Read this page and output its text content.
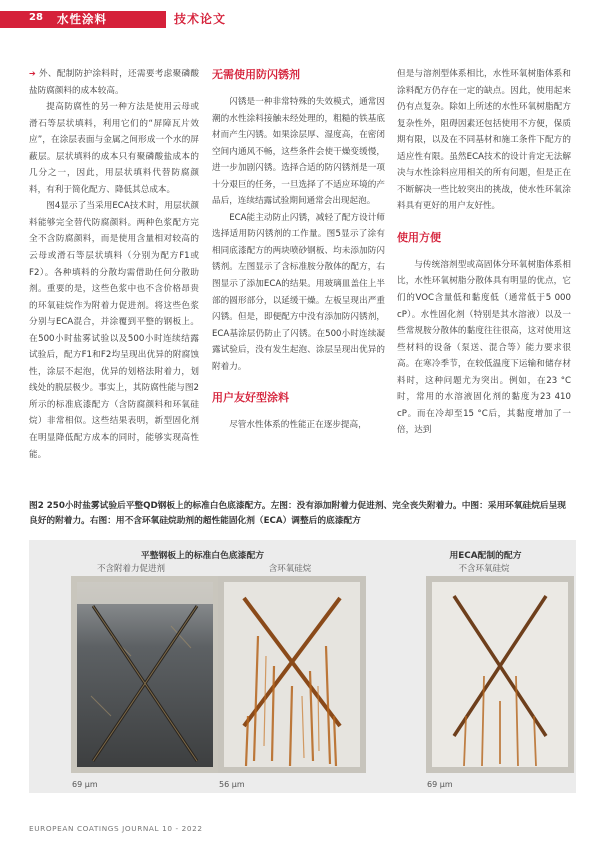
28 水性涂料	技术论文

➔ 外、配制防护涂料时，还需要考虑聚磷酸盐防腐颜料的成本较高。

提高防腐性的另一种方法是使用云母或滑石等层状填料，利用它们的“屏障瓦片效应”，在涂层表面与金属之间形成一个水的屏蔽层。层状填料的成本只有聚磷酸盐成本的几分之一，因此，用层状填料代替防腐颜料，有利于简化配方、降低其总成本。

图4显示了当采用ECA技术时，用层状颜料能够完全替代防腐颜料。两种色浆配方完全不含防腐颜料，而是使用含量相对较高的云母或滑石等层状填料（分别为配方F1或F2）。各种填料的分散均需借助任何分散助剂。重要的是，这些色浆中也不含价格昂贵的环氧硅烷作为附着力促进剂。将这些色浆分别与ECA混合，并涂覆到平整的钢板上。在500小时盐雾试验以及500小时连续结露试验后，配方F1和F2均呈现出优异的附腐蚀性，涂层不起泡，优异的划格法附着力，划线处的脱层极少。事实上，其防腐性能与图2所示的标准底漆配方（含防腐颜料和环氧硅烷）非常相似。这些结果表明，新型固化剂在明显降低配方成本的同时，能够实现高性能。

无需使用防闪锈剂

闪锈是一种非常特殊的失效模式，通常因潮的水性涂料接触未经处理的，粗糙的铁基底材而产生闪锈。如果涂层厚、湿度高，在密闭空间内通风不畅，这些条件会使干燥变缓慢，进一步加剧闪锈。选择合适的防闪锈剂是一项十分艰巨的任务，一旦选择了不适应环境的产品后，连续结露试验期间通常会出现起泡。

ECA能主动防止闪锈，减轻了配方设计师选择适用防闪锈剂的工作量。图5显示了涂有相同底漆配方的两块喷砂钢板、均未添加防闪锈剂。左图显示了含标准胺分散体的配方，右图显示了添加ECA的结果。用玻璃皿盖住上半部的圆形部分，以延缓干燥。左板呈现出严重闪锈。但是，即便配方中没有添加防闪锈剂，ECA基涂层仍防止了闪锈。在500小时连续凝露试验后，没有发生起泡、涂层呈现出优异的附着力。

用户友好型涂料

尽管水性体系的性能正在逐步提高，

但是与溶剂型体系相比，水性环氧树脂体系和涂料配方仍存在一定的缺点。因此，使用起来仍有点复杂。除如上所述的水性环氧树脂配方复杂性外，阻碍因素还包括使用不方便，保质期有限，以及在不同基材和施工条件下配方的适应性有限。虽然ECA技术的设计肯定无法解决与水性涂料应用相关的所有问题，但是正在不断解决一些比较突出的挑战，使水性环氧涂料具有更好的用户友好性。

使用方便

与传统溶剂型或高固体分环氧树脂体系相比，水性环氧树脂分散体具有明显的优点，它们的VOC含量低和黏度低（通常低于5 000 cP）。水性固化剂（特别是其水溶液）以及一些常规胺分散体的黏度往往很高，这对使用这些材料的设备（泵送、混合等）能力要求很高。在寒冷季节，在较低温度下运输和储存材料时，这种问题尤为突出。例如，在23 °C时，常用的水溶液固化剂的黏度为23 410 cP。而在冷却至15 °C后，其黏度增加了一倍，达到

图2 250小时盐雾试验后平整QD钢板上的标准白色底漆配方。左图：没有添加附着力促进剂、完全丧失附着力。中图：采用环氧硅烷后呈现良好的附着力。右图：用不含环氧硅烷助剂的超性能固化剂（ECA）调整后的底漆配方
平整钢板上的标准白色底漆配方	用ECA配制的配方
不含附着力促进剂	含环氧硅烷	不含环氧硅烷
69 µm	56 µm	69 µm
EUROPEAN COATINGS JOURNAL 10 - 2022
